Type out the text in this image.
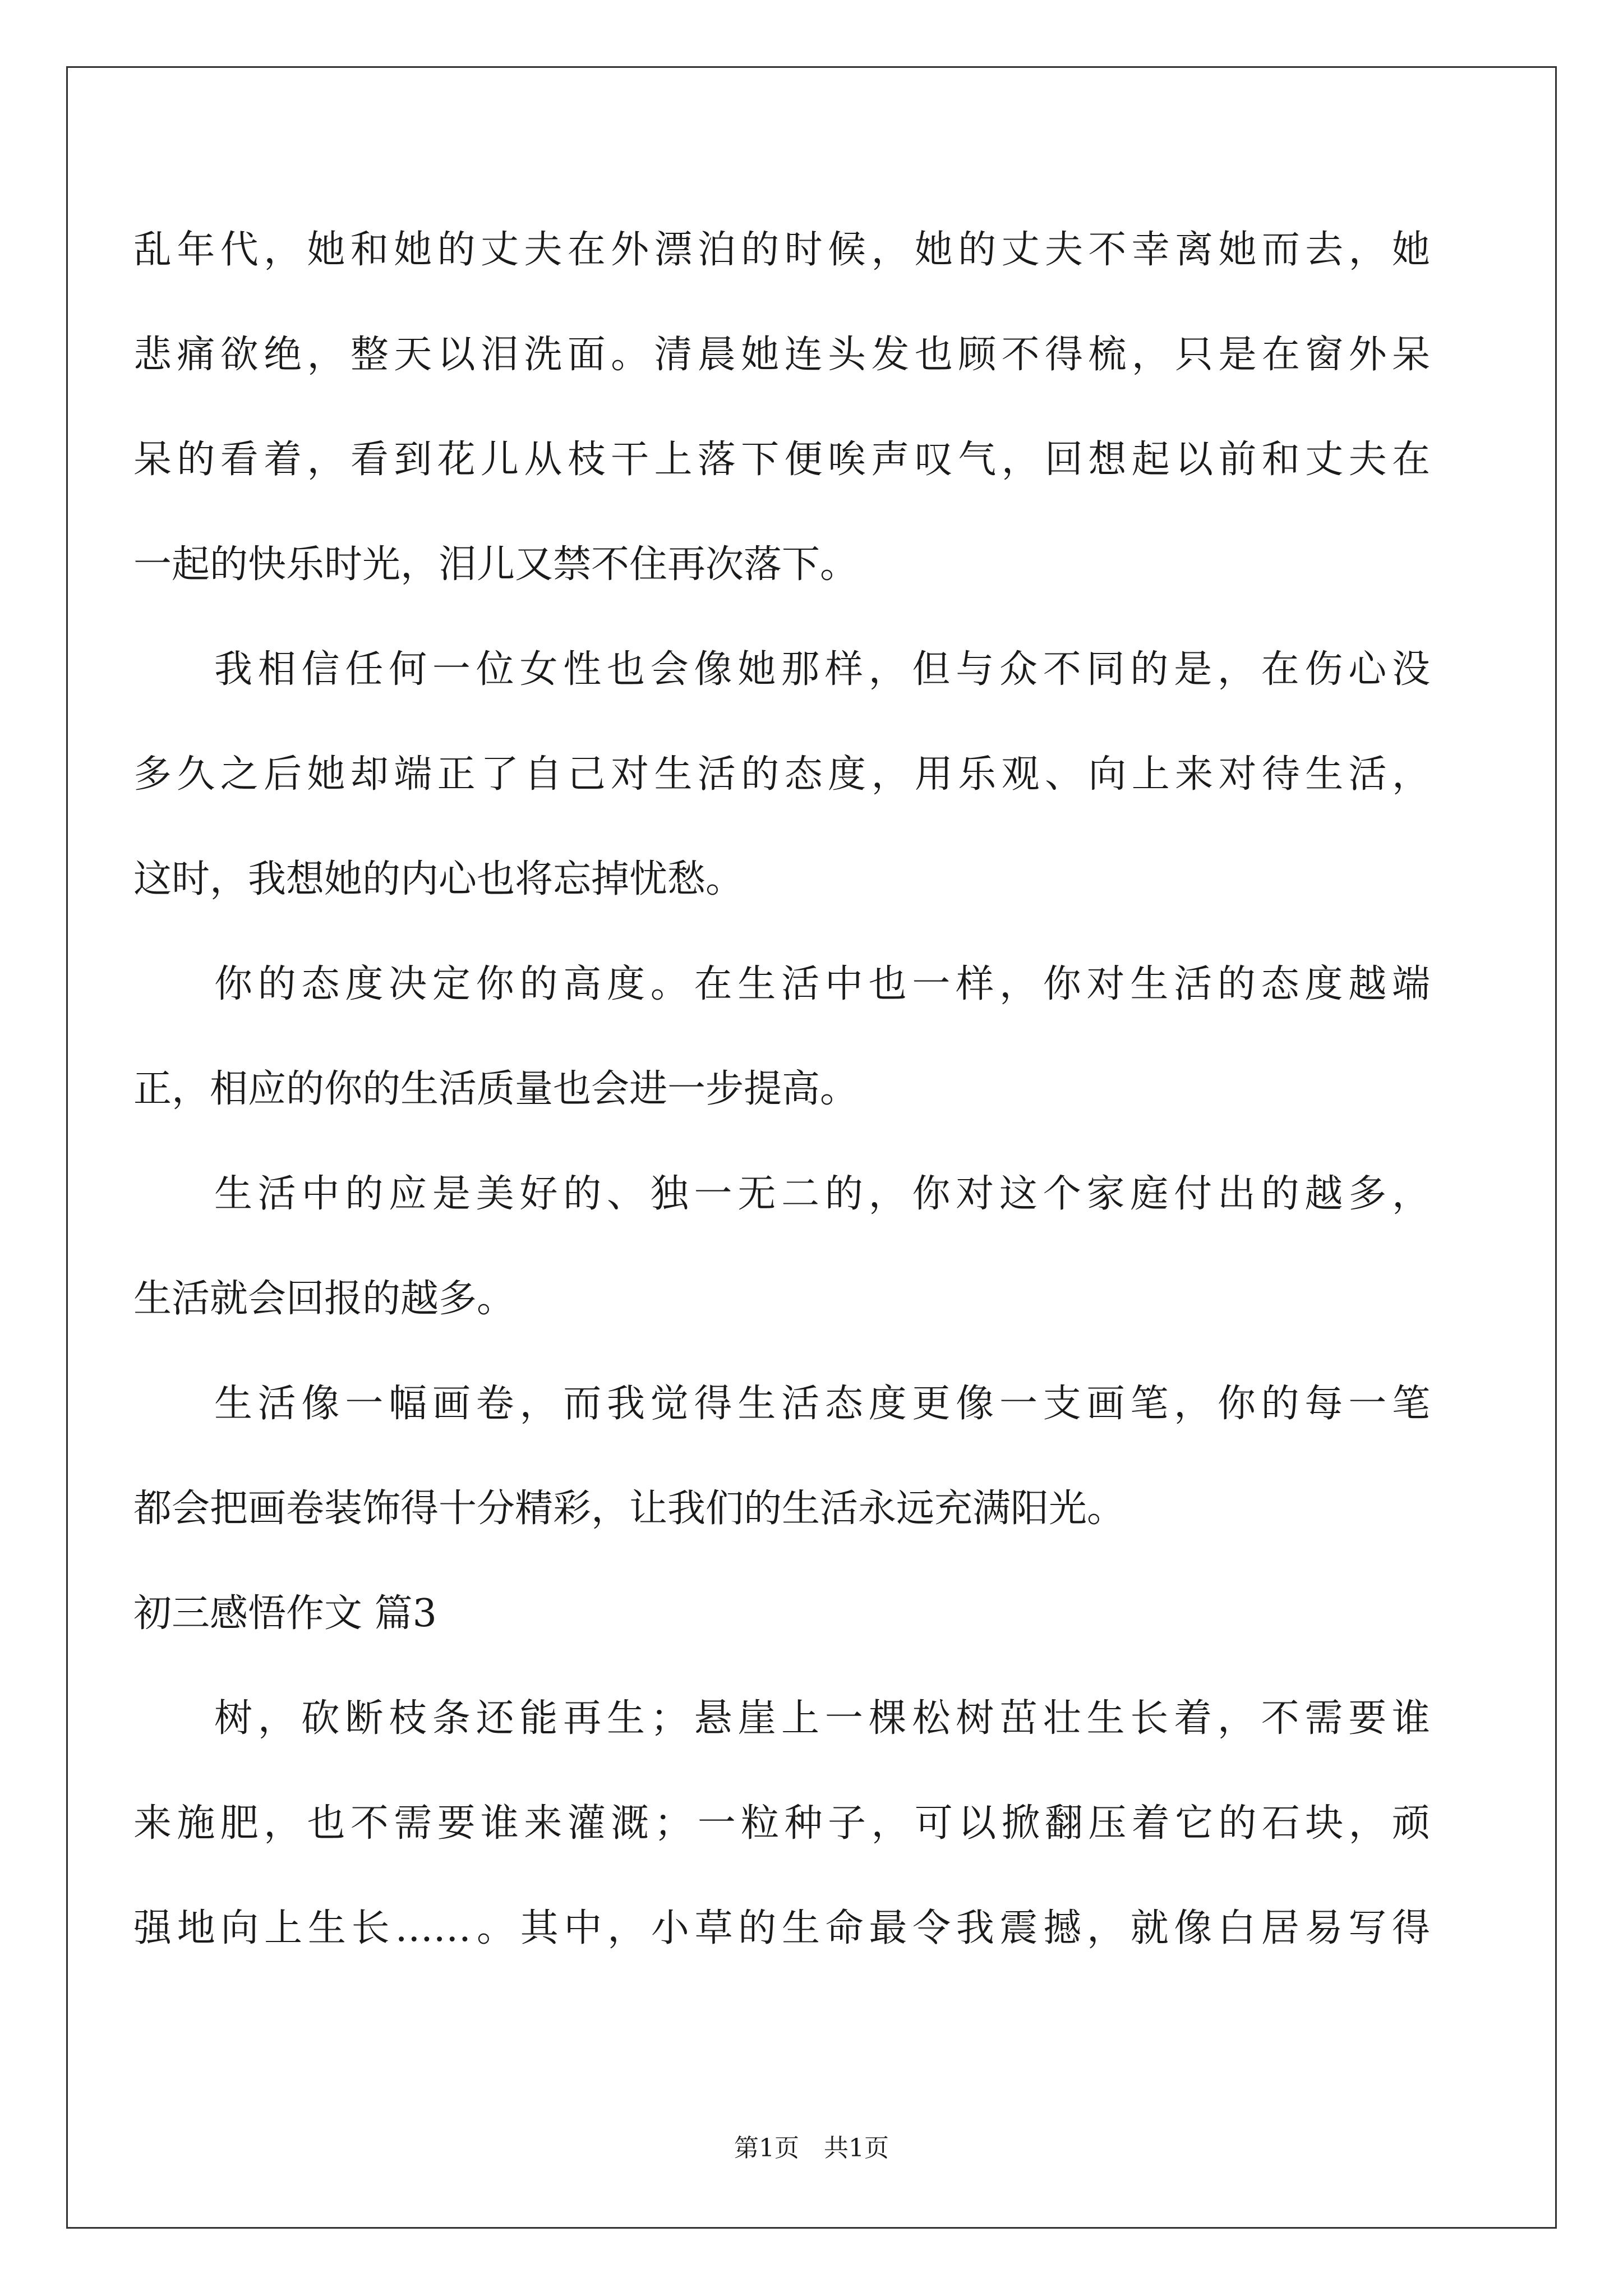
乱年代，她和她的丈夫在外漂泊的时候，她的丈夫不幸离她而去，她
悲痛欲绝，整天以泪洗面。清晨她连头发也顾不得梳，只是在窗外呆
呆的看着，看到花儿从枝干上落下便唉声叹气，回想起以前和丈夫在
一起的快乐时光，泪儿又禁不住再次落下。
我相信任何一位女性也会像她那样，但与众不同的是，在伤心没
多久之后她却端正了自己对生活的态度，用乐观、向上来对待生活，
这时，我想她的内心也将忘掉忧愁。
你的态度决定你的高度。在生活中也一样，你对生活的态度越端
正，相应的你的生活质量也会进一步提高。
生活中的应是美好的、独一无二的，你对这个家庭付出的越多，
生活就会回报的越多。
生活像一幅画卷，而我觉得生活态度更像一支画笔，你的每一笔
都会把画卷装饰得十分精彩，让我们的生活永远充满阳光。
初三感悟作文 篇3
树，砍断枝条还能再生；悬崖上一棵松树茁壮生长着，不需要谁
来施肥，也不需要谁来灌溉；一粒种子，可以掀翻压着它的石块，顽
强地向上生长……。其中，小草的生命最令我震撼，就像白居易写得
第1页　共1页
